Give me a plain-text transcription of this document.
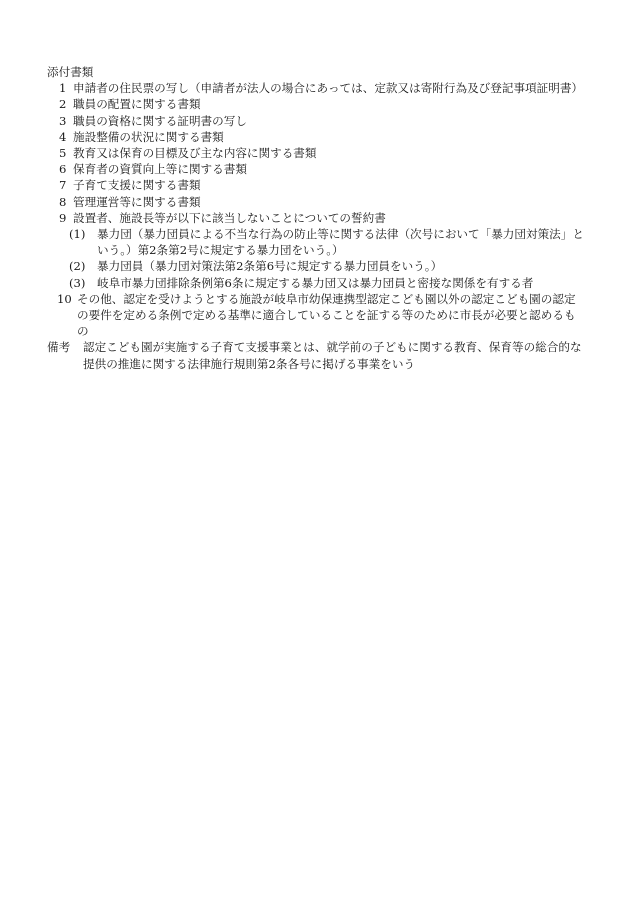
添付書類
1 申請者の住民票の写し（申請者が法人の場合にあっては、定款又は寄附行為及び登記事項証明書）
2 職員の配置に関する書類
3 職員の資格に関する証明書の写し
4 施設整備の状況に関する書類
5 教育又は保育の目標及び主な内容に関する書類
6 保育者の資質向上等に関する書類
7 子育て支援に関する書類
8 管理運営等に関する書類
9 設置者、施設長等が以下に該当しないことについての誓約書
(1) 暴力団（暴力団員による不当な行為の防止等に関する法律（次号において「暴力団対策法」という。）第2条第2号に規定する暴力団をいう。）
(2) 暴力団員（暴力団対策法第2条第6号に規定する暴力団員をいう。）
(3) 岐阜市暴力団排除条例第6条に規定する暴力団又は暴力団員と密接な関係を有する者
10 その他、認定を受けようとする施設が岐阜市幼保連携型認定こども園以外の認定こども園の認定の要件を定める条例で定める基準に適合していることを証する等のために市長が必要と認めるもの
備考 認定こども園が実施する子育て支援事業とは、就学前の子どもに関する教育、保育等の総合的な提供の推進に関する法律施行規則第2条各号に掲げる事業をいう
